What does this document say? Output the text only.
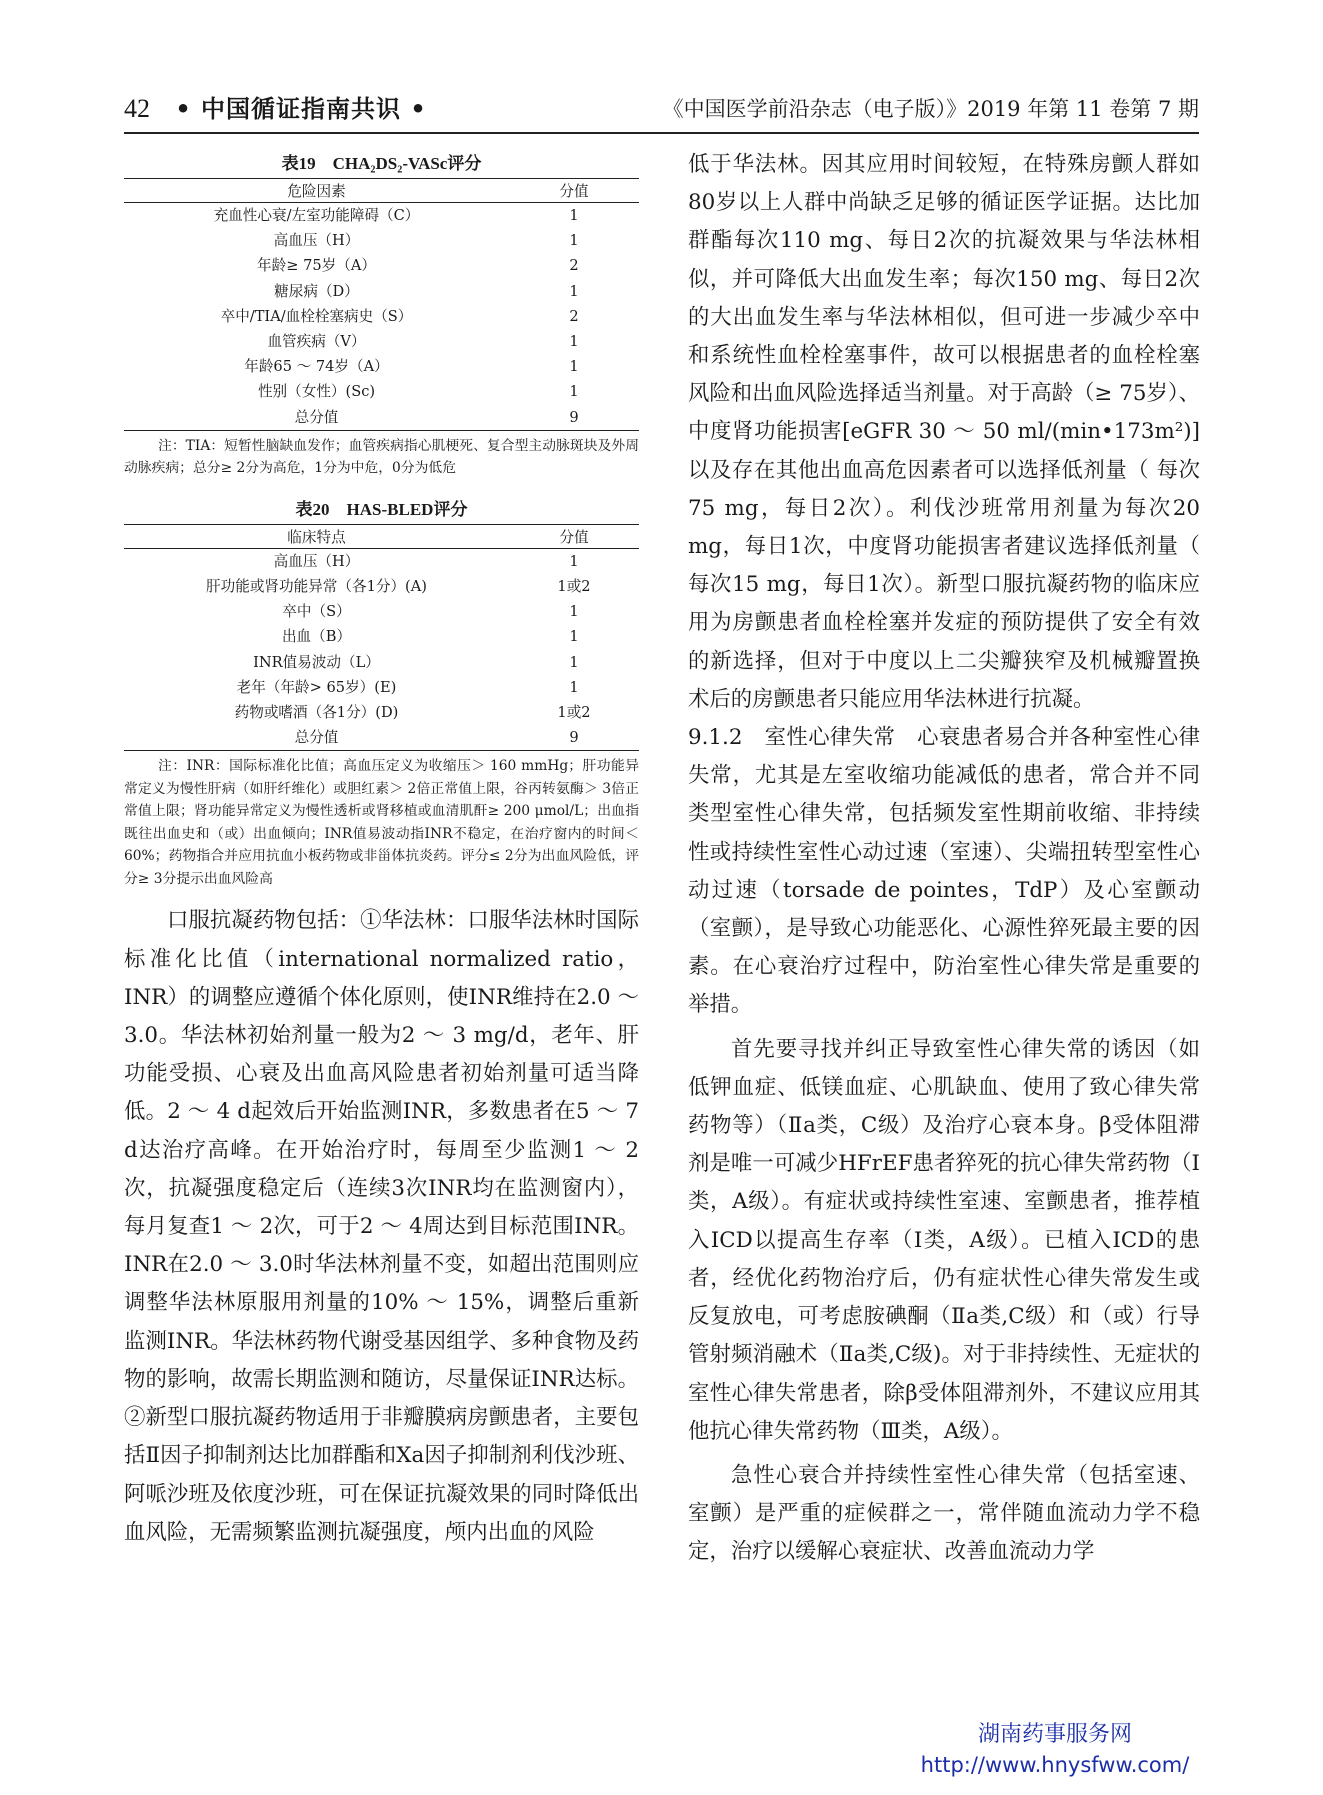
42 • 中国循证指南共识 •	《中国医学前沿杂志（电子版）》2019 年第 11 卷第 7 期
表19　CHA₂DS₂-VASc评分
危险因素	分值
充血性心衰/左室功能障碍（C）	1
高血压（H）	1
年龄≥ 75岁（A）	2
糖尿病（D）	1
卒中/TIA/血栓栓塞病史（S）	2
血管疾病（V）	1
年龄65 ～ 74岁（A）	1
性别（女性）(Sc)	1
总分值	9
注：TIA：短暂性脑缺血发作；血管疾病指心肌梗死、复合型主动脉斑块及外周动脉疾病；总分≥ 2分为高危，1分为中危，0分为低危
表20　HAS-BLED评分
临床特点	分值
高血压（H）	1
肝功能或肾功能异常（各1分）(A)	1或2
卒中（S）	1
出血（B）	1
INR值易波动（L）	1
老年（年龄> 65岁）(E)	1
药物或嗜酒（各1分）(D)	1或2
总分值	9
注：INR：国际标准化比值；高血压定义为收缩压＞ 160 mmHg；肝功能异常定义为慢性肝病（如肝纤维化）或胆红素＞ 2倍正常值上限，谷丙转氨酶＞ 3倍正常值上限；肾功能异常定义为慢性透析或肾移植或血清肌酐≥ 200 μmol/L；出血指既往出血史和（或）出血倾向；INR值易波动指INR不稳定，在治疗窗内的时间＜ 60%；药物指合并应用抗血小板药物或非甾体抗炎药。评分≤ 2分为出血风险低，评分≥ 3分提示出血风险高

口服抗凝药物包括：①华法林：口服华法林时国际标准化比值（international normalized ratio，INR）的调整应遵循个体化原则，使INR维持在2.0 ～ 3.0。华法林初始剂量一般为2 ～ 3 mg/d，老年、肝功能受损、心衰及出血高风险患者初始剂量可适当降低。2 ～ 4 d起效后开始监测INR，多数患者在5 ～ 7 d达治疗高峰。在开始治疗时，每周至少监测1 ～ 2次，抗凝强度稳定后（连续3次INR均在监测窗内），每月复查1 ～ 2次，可于2 ～ 4周达到目标范围INR。INR在2.0 ～ 3.0时华法林剂量不变，如超出范围则应调整华法林原服用剂量的10% ～ 15%，调整后重新监测INR。华法林药物代谢受基因组学、多种食物及药物的影响，故需长期监测和随访，尽量保证INR达标。②新型口服抗凝药物适用于非瓣膜病房颤患者，主要包括Ⅱ因子抑制剂达比加群酯和Ⅹa因子抑制剂利伐沙班、阿哌沙班及依度沙班，可在保证抗凝效果的同时降低出血风险，无需频繁监测抗凝强度，颅内出血的风险

低于华法林。因其应用时间较短，在特殊房颤人群如80岁以上人群中尚缺乏足够的循证医学证据。达比加群酯每次110 mg、每日2次的抗凝效果与华法林相似，并可降低大出血发生率；每次150 mg、每日2次的大出血发生率与华法林相似，但可进一步减少卒中和系统性血栓栓塞事件，故可以根据患者的血栓栓塞风险和出血风险选择适当剂量。对于高龄（≥ 75岁）、中度肾功能损害[eGFR 30 ～ 50 ml/(min•173m²)]以及存在其他出血高危因素者可以选择低剂量（ 每次75 mg，每日2次）。利伐沙班常用剂量为每次20 mg，每日1次，中度肾功能损害者建议选择低剂量（ 每次15 mg，每日1次）。新型口服抗凝药物的临床应用为房颤患者血栓栓塞并发症的预防提供了安全有效的新选择，但对于中度以上二尖瓣狭窄及机械瓣置换术后的房颤患者只能应用华法林进行抗凝。

9.1.2　室性心律失常　心衰患者易合并各种室性心律失常，尤其是左室收缩功能减低的患者，常合并不同类型室性心律失常，包括频发室性期前收缩、非持续性或持续性室性心动过速（室速）、尖端扭转型室性心动过速（torsade de pointes，TdP）及心室颤动（室颤），是导致心功能恶化、心源性猝死最主要的因素。在心衰治疗过程中，防治室性心律失常是重要的举措。

首先要寻找并纠正导致室性心律失常的诱因（如低钾血症、低镁血症、心肌缺血、使用了致心律失常药物等）（Ⅱa类，C级）及治疗心衰本身。β受体阻滞剂是唯一可减少HFrEF患者猝死的抗心律失常药物（Ⅰ类，A级）。有症状或持续性室速、室颤患者，推荐植入ICD以提高生存率（Ⅰ类，A级）。已植入ICD的患者，经优化药物治疗后，仍有症状性心律失常发生或反复放电，可考虑胺碘酮（Ⅱa类,C级）和（或）行导管射频消融术（Ⅱa类,C级)。对于非持续性、无症状的室性心律失常患者，除β受体阻滞剂外，不建议应用其他抗心律失常药物（Ⅲ类，A级）。

急性心衰合并持续性室性心律失常（包括室速、室颤）是严重的症候群之一，常伴随血流动力学不稳定，治疗以缓解心衰症状、改善血流动力学

湖南药事服务网
http://www.hnysfww.com/
